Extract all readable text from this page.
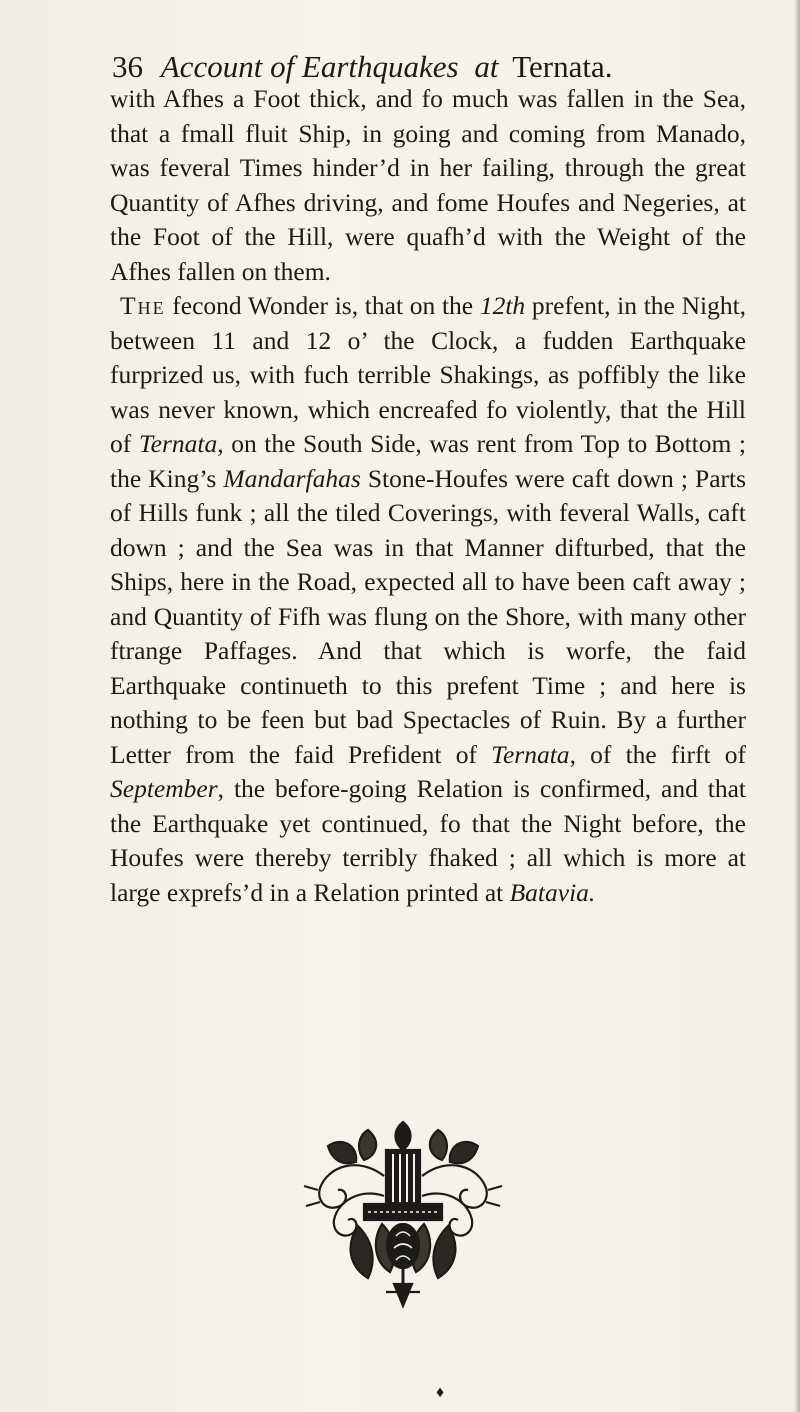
36 Account of Earthquakes at Ternata.

with Afhes a Foot thick, and fo much was fallen in the Sea, that a fmall fluit Ship, in going and coming from Manado, was feveral Times hinder’d in her failing, through the great Quantity of Afhes driving, and fome Houfes and Negeries, at the Foot of the Hill, were quafh’d with the Weight of the Afhes fallen on them.

The fecond Wonder is, that on the 12th prefent, in the Night, between 11 and 12 o’ the Clock, a fudden Earthquake furprized us, with fuch terrible Shakings, as poffibly the like was never known, which encreafed fo violently, that the Hill of Ternata, on the South Side, was rent from Top to Bottom ; the King’s Mandarfahas Stone-Houfes were caft down ; Parts of Hills funk ; all the tiled Coverings, with feveral Walls, caft down ; and the Sea was in that Manner difturbed, that the Ships, here in the Road, expected all to have been caft away ; and Quantity of Fifh was flung on the Shore, with many other ftrange Paffages. And that which is worfe, the faid Earthquake continueth to this prefent Time ; and here is nothing to be feen but bad Spectacles of Ruin. By a further Letter from the faid Prefident of Ternata, of the firft of September, the before-going Relation is confirmed, and that the Earthquake yet continued, fo that the Night before, the Houfes were thereby terribly fhaked ; all which is more at large exprefs’d in a Relation printed at Batavia.

♦
